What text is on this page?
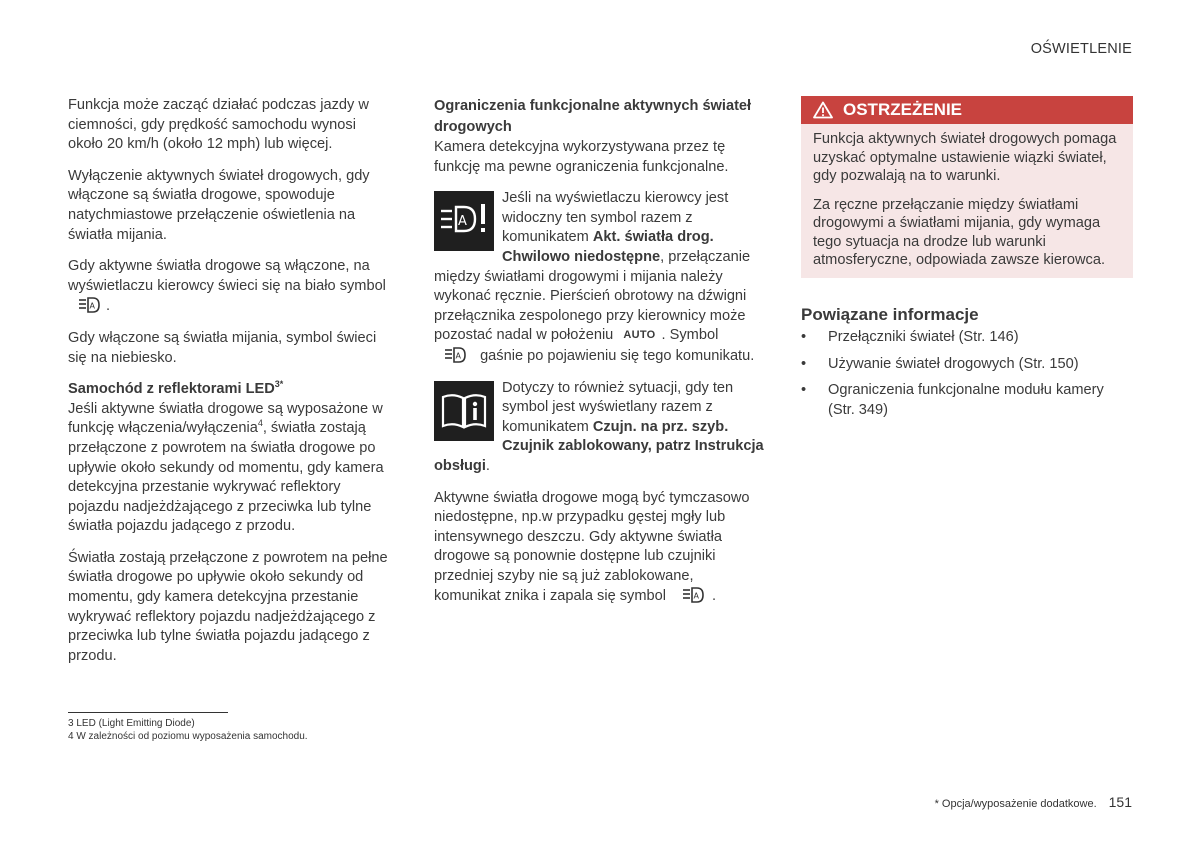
OŚWIETLENIE

Funkcja może zacząć działać podczas jazdy w ciemności, gdy prędkość samochodu wynosi około 20 km/h (około 12 mph) lub więcej.

Wyłączenie aktywnych świateł drogowych, gdy włączone są światła drogowe, spowoduje natychmiastowe przełączenie oświetlenia na światła mijania.

Gdy aktywne światła drogowe są włączone, na wyświetlaczu kierowcy świeci się na biało symbol

A .

Gdy włączone są światła mijania, symbol świeci się na niebiesko.

Samochód z reflektorami $LED^{3*}$

Jeśli aktywne światła drogowe są wyposażone w funkcję włączenia/wyłączenia$^4$, światła zostają przełączone z powrotem na światła drogowe po upływie około sekundy od momentu, gdy kamera detekcyjna przestanie wykrywać reflektory pojazdu nadjeżdżającego z przeciwka lub tylne światła pojazdu jadącego z przodu.

Światła zostają przełączone z powrotem na pełne światła drogowe po upływie około sekundy od momentu, gdy kamera detekcyjna przestanie wykrywać reflektory pojazdu nadjeżdżającego z przeciwka lub tylne światła pojazdu jadącego z przodu.

Ograniczenia funkcjonalne aktywnych świateł drogowych

Kamera detekcyjna wykorzystywana przez tę funkcję ma pewne ograniczenia funkcjonalne.

A
Jeśli na wyświetlaczu kierowcy jest widoczny ten symbol razem z komunikatem Akt. światła drog. Chwilowo niedostępne, przełączanie między światłami drogowymi i mijania należy wykonać ręcznie. Pierścień obrotowy na dźwigni przełącznika zespolonego przy kierownicy może pozostać nadal w położeniu AUTO . Symbol
A gaśnie po pojawieniu się tego komunikatu.

Dotyczy to również sytuacji, gdy ten symbol jest wyświetlany razem z komunikatem Czujn. na prz. szyb. Czujnik zablokowany, patrz Instrukcja obsługi.

Aktywne światła drogowe mogą być tymczasowo niedostępne, np.w przypadku gęstej mgły lub intensywnego deszczu. Gdy aktywne światła drogowe są ponownie dostępne lub czujniki przedniej szyby nie są już zablokowane, komunikat znika i zapala się symbol	A .

OSTRZEŻENIE

Funkcja aktywnych świateł drogowych pomaga uzyskać optymalne ustawienie wiązki świateł, gdy pozwalają na to warunki.

Za ręczne przełączanie między światłami drogowymi a światłami mijania, gdy wymaga tego sytuacja na drodze lub warunki atmosferyczne, odpowiada zawsze kierowca.

Powiązane informacje
• Przełączniki świateł (Str. 146)
• Używanie świateł drogowych (Str. 150)
• Ograniczenia funkcjonalne modułu kamery (Str. 349)
3 LED (Light Emitting Diode)
4 W zależności od poziomu wyposażenia samochodu.
* Opcja/wyposażenie dodatkowe. 151
